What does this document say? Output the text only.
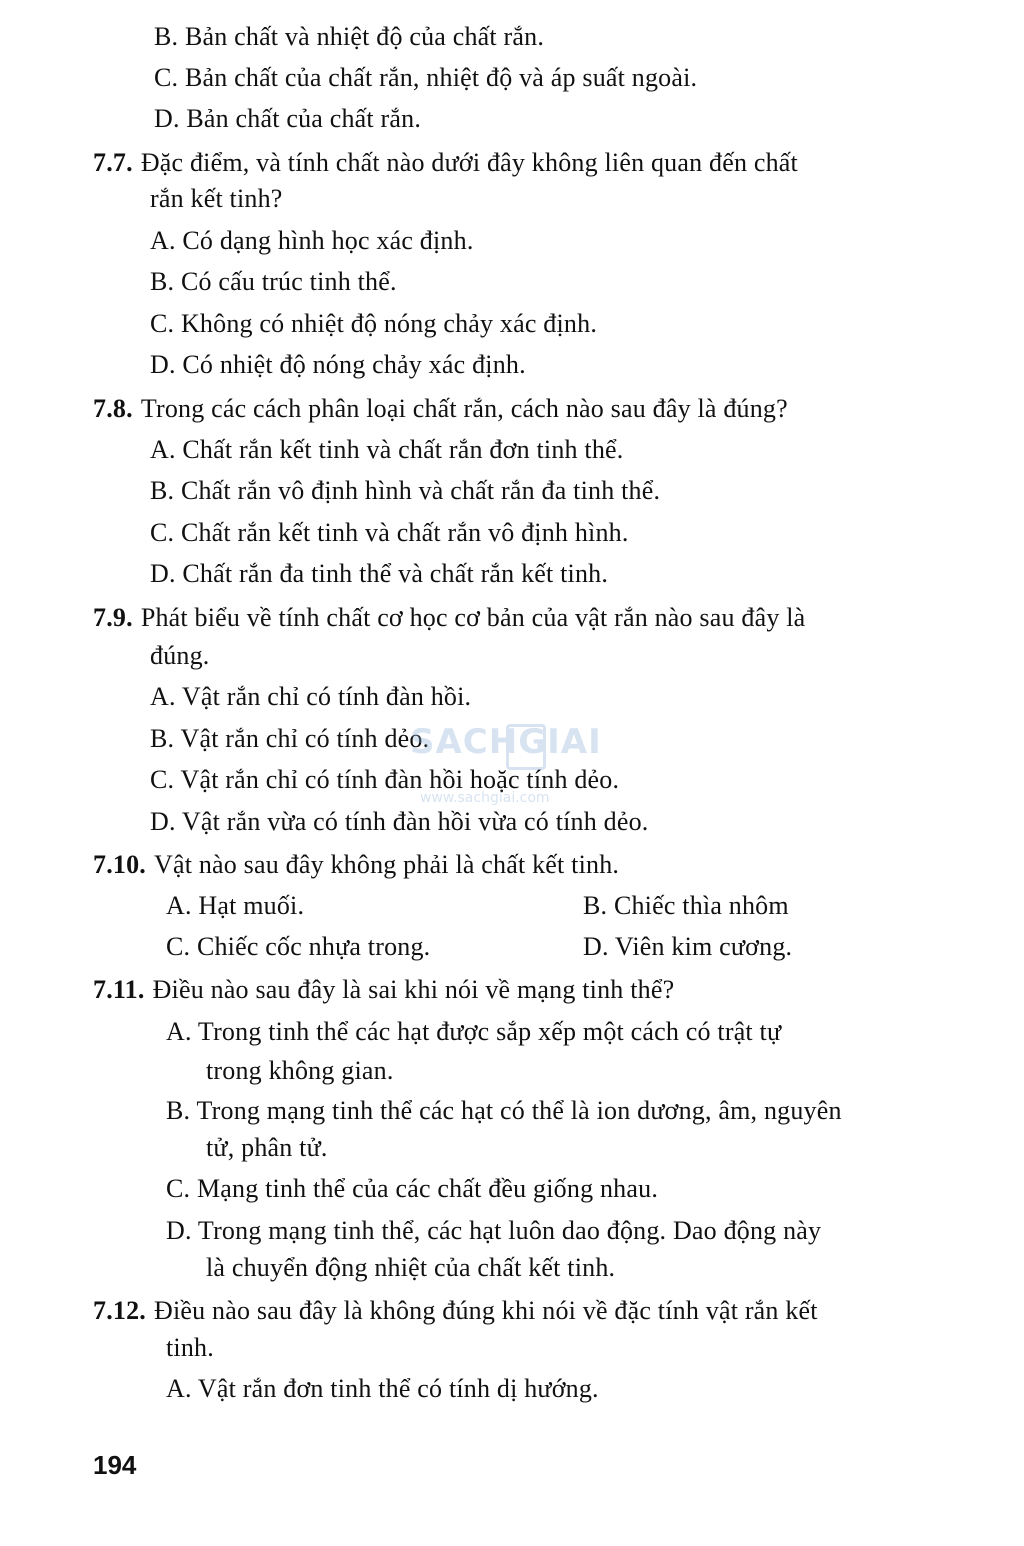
B. Bản chất và nhiệt độ của chất rắn.
C. Bản chất của chất rắn, nhiệt độ và áp suất ngoài.
D. Bản chất của chất rắn.
7.7. Đặc điểm, và tính chất nào dưới đây không liên quan đến chất
rắn kết tinh?
A. Có dạng hình học xác định.
B. Có cấu trúc tinh thể.
C. Không có nhiệt độ nóng chảy xác định.
D. Có nhiệt độ nóng chảy xác định.
7.8. Trong các cách phân loại chất rắn, cách nào sau đây là đúng?
A. Chất rắn kết tinh và chất rắn đơn tinh thể.
B. Chất rắn vô định hình và chất rắn đa tinh thể.
C. Chất rắn kết tinh và chất rắn vô định hình.
D. Chất rắn đa tinh thể và chất rắn kết tinh.
7.9. Phát biểu về tính chất cơ học cơ bản của vật rắn nào sau đây là
đúng.
A. Vật rắn chỉ có tính đàn hồi.
B. Vật rắn chỉ có tính dẻo.
C. Vật rắn chỉ có tính đàn hồi hoặc tính dẻo.
D. Vật rắn vừa có tính đàn hồi vừa có tính dẻo.
SACHGIAI
www.sachgiai.com
7.10. Vật nào sau đây không phải là chất kết tinh.
A. Hạt muối.	B. Chiếc thìa nhôm
C. Chiếc cốc nhựa trong.	D. Viên kim cương.
7.11. Điều nào sau đây là sai khi nói về mạng tinh thể?
A. Trong tinh thể các hạt được sắp xếp một cách có trật tự
trong không gian.
B. Trong mạng tinh thể các hạt có thể là ion dương, âm, nguyên
tử, phân tử.
C. Mạng tinh thể của các chất đều giống nhau.
D. Trong mạng tinh thể, các hạt luôn dao động. Dao động này
là chuyển động nhiệt của chất kết tinh.
7.12. Điều nào sau đây là không đúng khi nói về đặc tính vật rắn kết
tinh.
A. Vật rắn đơn tinh thể có tính dị hướng.
194
